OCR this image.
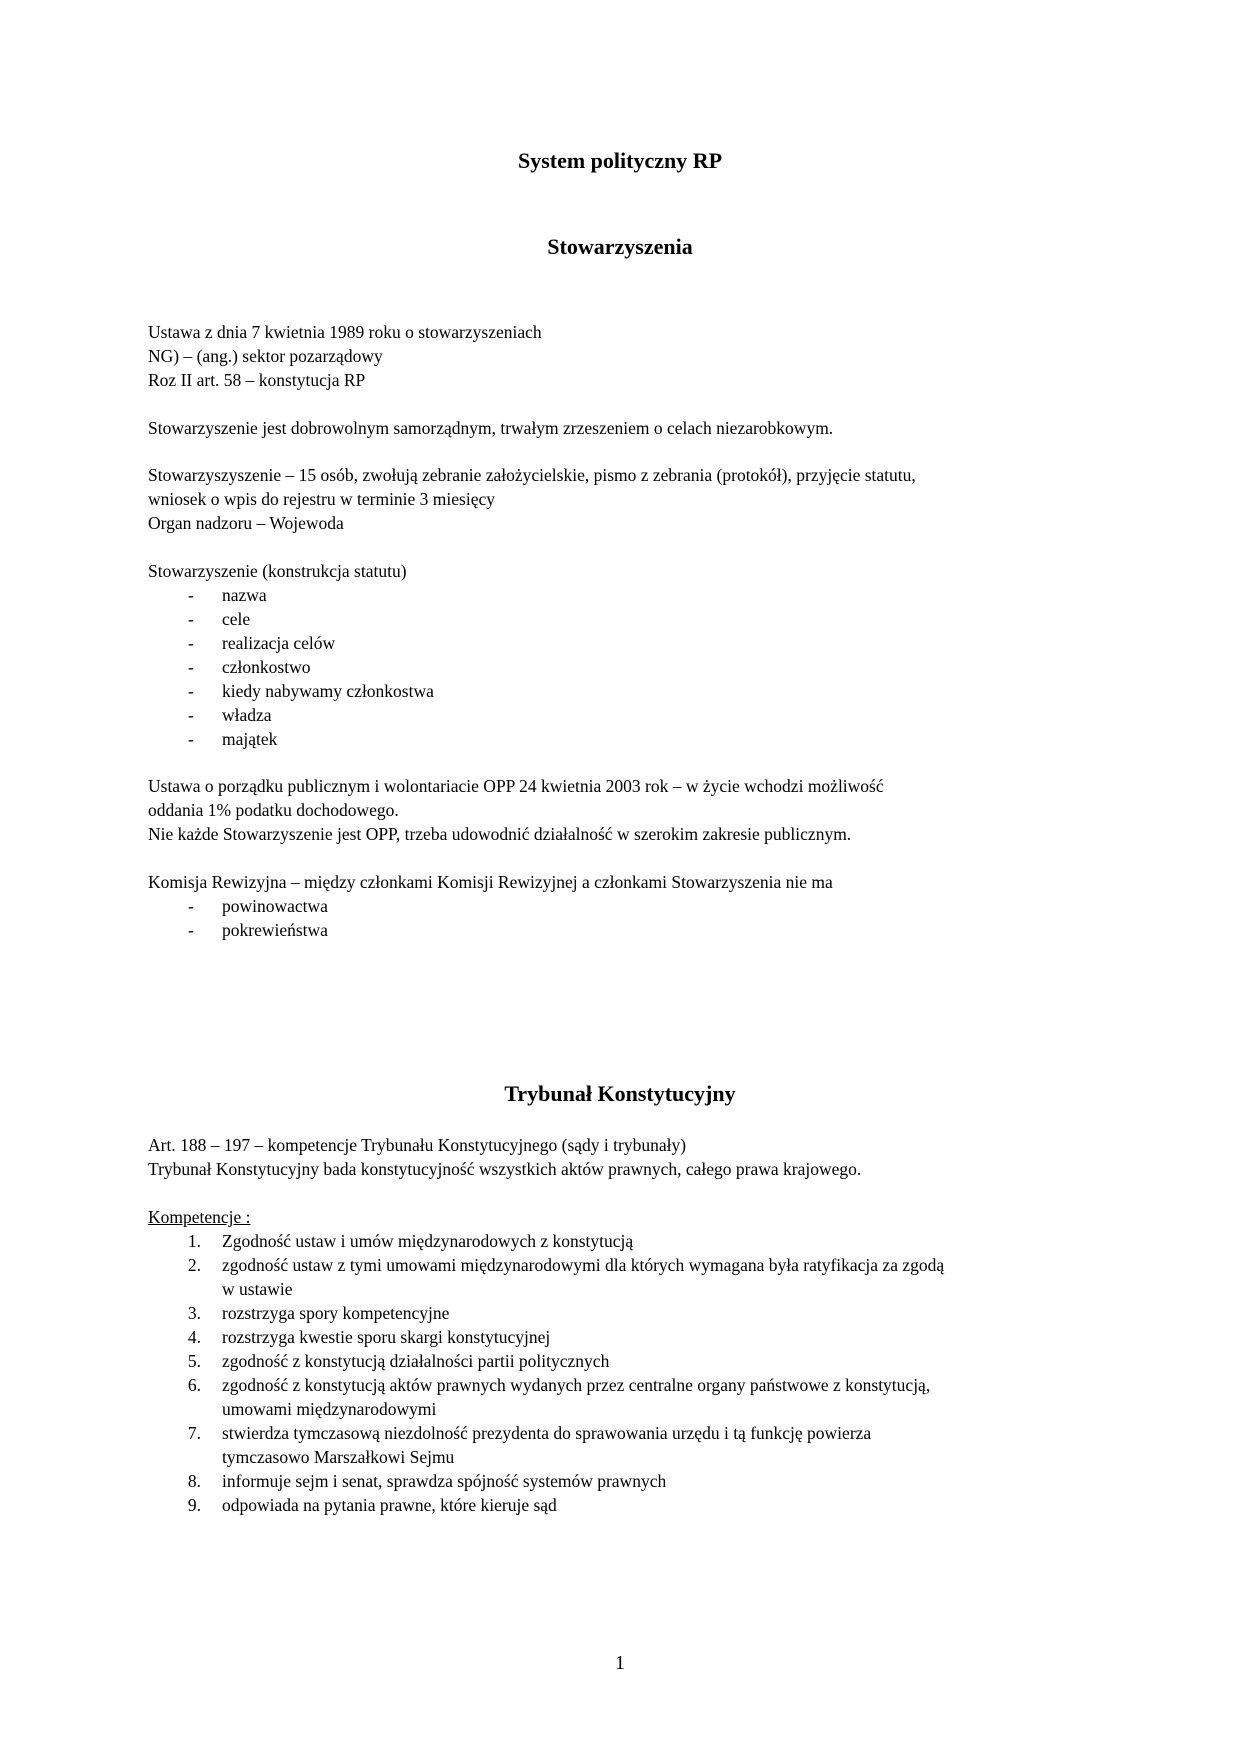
System polityczny RP
Stowarzyszenia

Ustawa z dnia 7 kwietnia 1989 roku o stowarzyszeniach

NG) – (ang.) sektor pozarządowy

Roz II art. 58 – konstytucja RP

Stowarzyszenie jest dobrowolnym samorządnym, trwałym zrzeszeniem o celach niezarobkowym.

Stowarzyszyszenie – 15 osób, zwołują zebranie założycielskie, pismo z zebrania (protokół), przyjęcie statutu,

wniosek o wpis do rejestru w terminie 3 miesięcy

Organ nadzoru – Wojewoda

Stowarzyszenie (konstrukcja statutu)

- nazwa

- cele

- realizacja celów

- członkostwo

- kiedy nabywamy członkostwa

- władza

- majątek

Ustawa o porządku publicznym i wolontariacie OPP 24 kwietnia 2003 rok – w życie wchodzi możliwość

oddania 1% podatku dochodowego.

Nie każde Stowarzyszenie jest OPP, trzeba udowodnić działalność w szerokim zakresie publicznym.

Komisja Rewizyjna – między członkami Komisji Rewizyjnej a członkami Stowarzyszenia nie ma

- powinowactwa

- pokrewieństwa

Trybunał Konstytucyjny

Art. 188 – 197 – kompetencje Trybunału Konstytucyjnego (sądy i trybunały)

Trybunał Konstytucyjny bada konstytucyjność wszystkich aktów prawnych, całego prawa krajowego.

Kompetencje :

1. Zgodność ustaw i umów międzynarodowych z konstytucją

2. zgodność ustaw z tymi umowami międzynarodowymi dla których wymagana była ratyfikacja za zgodą

w ustawie

3. rozstrzyga spory kompetencyjne

4. rozstrzyga kwestie sporu skargi konstytucyjnej

5. zgodność z konstytucją działalności partii politycznych

6. zgodność z konstytucją aktów prawnych wydanych przez centralne organy państwowe z konstytucją,

umowami międzynarodowymi

7. stwierdza tymczasową niezdolność prezydenta do sprawowania urzędu i tą funkcję powierza

tymczasowo Marszałkowi Sejmu

8. informuje sejm i senat, sprawdza spójność systemów prawnych

9. odpowiada na pytania prawne, które kieruje sąd

1
